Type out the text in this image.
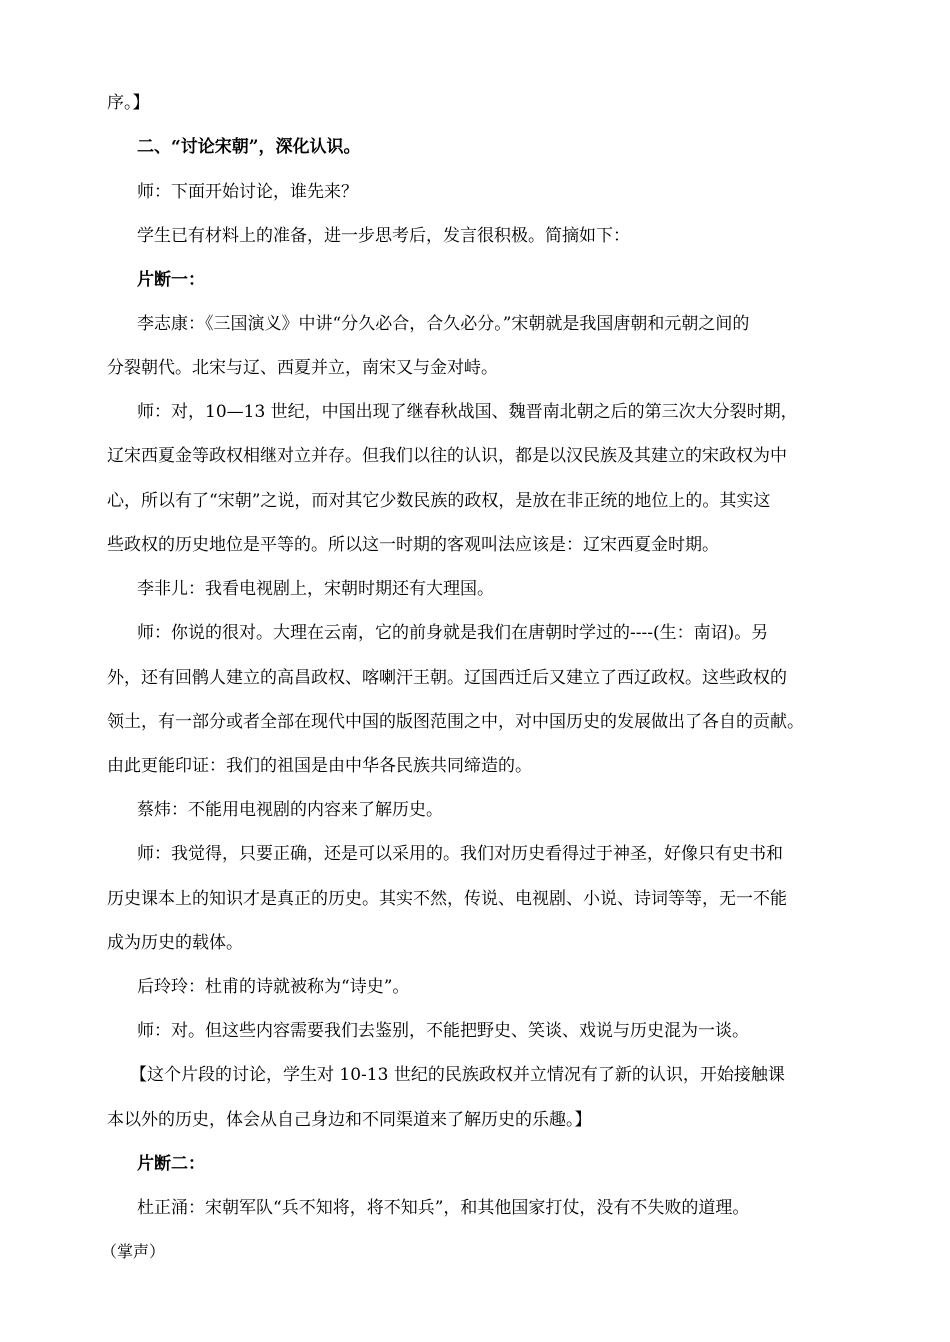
序。】
二、“讨论宋朝”，深化认识。
师：下面开始讨论，谁先来？
学生已有材料上的准备，进一步思考后，发言很积极。简摘如下：
片断一：
李志康：《三国演义》中讲“分久必合，合久必分。”宋朝就是我国唐朝和元朝之间的
分裂朝代。北宋与辽、西夏并立，南宋又与金对峙。
师：对，10—13 世纪，中国出现了继春秋战国、魏晋南北朝之后的第三次大分裂时期，
辽宋西夏金等政权相继对立并存。但我们以往的认识，都是以汉民族及其建立的宋政权为中
心，所以有了“宋朝”之说，而对其它少数民族的政权，是放在非正统的地位上的。其实这
些政权的历史地位是平等的。所以这一时期的客观叫法应该是：辽宋西夏金时期。
李非儿：我看电视剧上，宋朝时期还有大理国。
师：你说的很对。大理在云南，它的前身就是我们在唐朝时学过的----(生：南诏)。另
外，还有回鹘人建立的高昌政权、喀喇汗王朝。辽国西迁后又建立了西辽政权。这些政权的
领土，有一部分或者全部在现代中国的版图范围之中，对中国历史的发展做出了各自的贡献。
由此更能印证：我们的祖国是由中华各民族共同缔造的。
蔡炜：不能用电视剧的内容来了解历史。
师：我觉得，只要正确，还是可以采用的。我们对历史看得过于神圣，好像只有史书和
历史课本上的知识才是真正的历史。其实不然，传说、电视剧、小说、诗词等等，无一不能
成为历史的载体。
后玲玲：杜甫的诗就被称为“诗史”。
师：对。但这些内容需要我们去鉴别，不能把野史、笑谈、戏说与历史混为一谈。
【这个片段的讨论，学生对 10-13 世纪的民族政权并立情况有了新的认识，开始接触课
本以外的历史，体会从自己身边和不同渠道来了解历史的乐趣。】
片断二：
杜正涌：宋朝军队“兵不知将，将不知兵”，和其他国家打仗，没有不失败的道理。
（掌声）
